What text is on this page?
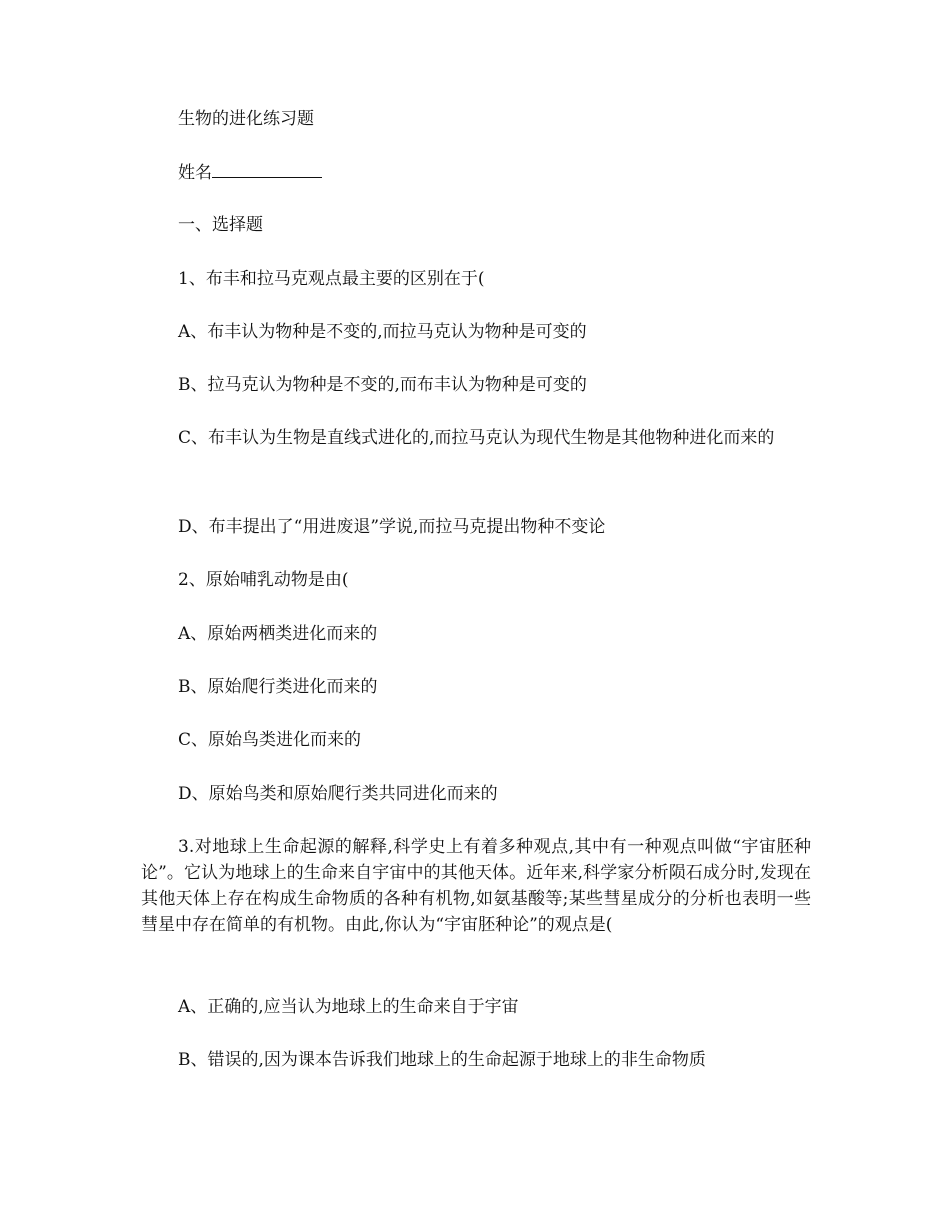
生物的进化练习题
姓名
一、选择题
1、布丰和拉马克观点最主要的区别在于(
A、布丰认为物种是不变的,而拉马克认为物种是可变的
B、拉马克认为物种是不变的,而布丰认为物种是可变的
C、布丰认为生物是直线式进化的,而拉马克认为现代生物是其他物种进化而来的
D、布丰提出了“用进废退”学说,而拉马克提出物种不变论
2、原始哺乳动物是由(
A、原始两栖类进化而来的
B、原始爬行类进化而来的
C、原始鸟类进化而来的
D、原始鸟类和原始爬行类共同进化而来的
3.对地球上生命起源的解释,科学史上有着多种观点,其中有一种观点叫做“宇宙胚种论”。它认为地球上的生命来自宇宙中的其他天体。近年来,科学家分析陨石成分时,发现在其他天体上存在构成生命物质的各种有机物,如氨基酸等;某些彗星成分的分析也表明一些彗星中存在简单的有机物。由此,你认为“宇宙胚种论”的观点是(
A、正确的,应当认为地球上的生命来自于宇宙
B、错误的,因为课本告诉我们地球上的生命起源于地球上的非生命物质
